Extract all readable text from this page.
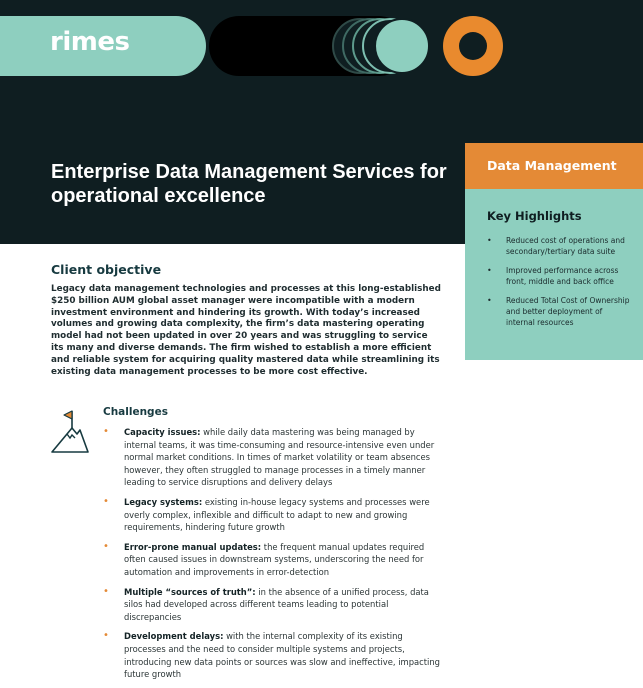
rimes
Enterprise Data Management Services for operational excellence
Data Management

Key Highlights

• Reduced cost of operations and secondary/tertiary data suite
• Improved performance across front, middle and back office
• Reduced Total Cost of Ownership and better deployment of internal resources
Client objective

Legacy data management technologies and processes at this long-established $250 billion AUM global asset manager were incompatible with a modern investment environment and hindering its growth. With today’s increased volumes and growing data complexity, the firm’s data mastering operating model had not been updated in over 20 years and was struggling to service its many and diverse demands. The firm wished to establish a more efficient and reliable system for acquiring quality mastered data while streamlining its existing data management processes to be more cost effective.

Challenges
• Capacity issues: while daily data mastering was being managed by internal teams, it was time-consuming and resource-intensive even under normal market conditions. In times of market volatility or team absences however, they often struggled to manage processes in a timely manner leading to service disruptions and delivery delays
• Legacy systems: existing in-house legacy systems and processes were overly complex, inflexible and difficult to adapt to new and growing requirements, hindering future growth
• Error-prone manual updates: the frequent manual updates required often caused issues in downstream systems, underscoring the need for automation and improvements in error-detection
• Multiple “sources of truth”: in the absence of a unified process, data silos had developed across different teams leading to potential discrepancies
• Development delays: with the internal complexity of its existing processes and the need to consider multiple systems and projects, introducing new data points or sources was slow and ineffective, impacting future growth
